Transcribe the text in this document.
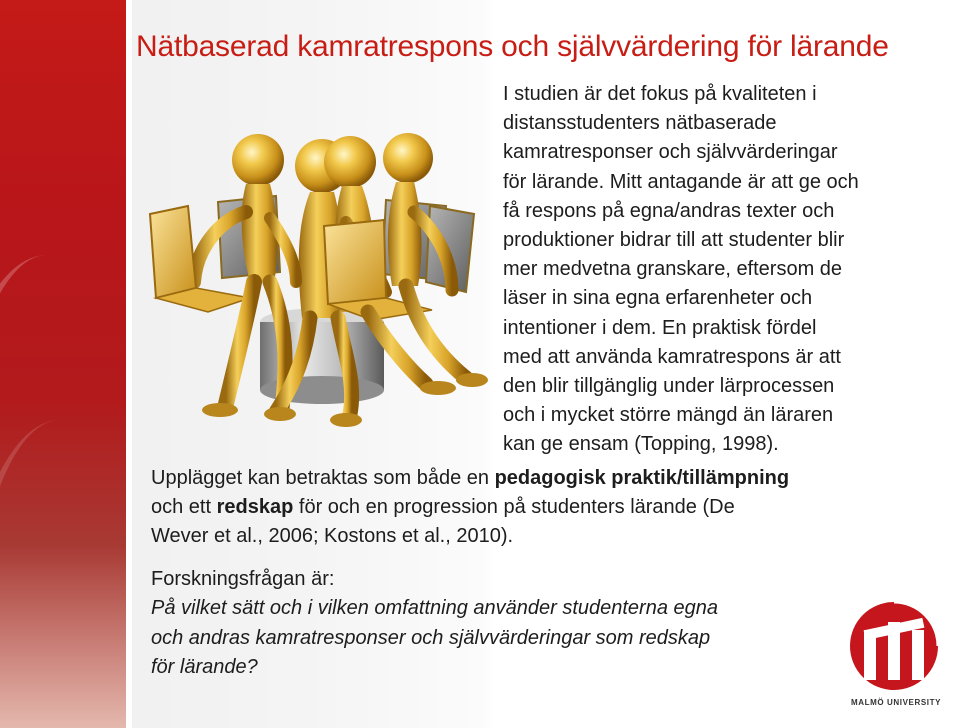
Nätbaserad kamratrespons och självvärdering för lärande

I studien är det fokus på kvaliteten i
distansstudenters nätbaserade
kamratresponser och självvärderingar
för lärande. Mitt antagande är att ge och
få respons på egna/andras texter och
produktioner bidrar till att studenter blir
mer medvetna granskare, eftersom de
läser in sina egna erfarenheter och
intentioner i dem. En praktisk fördel
med att använda kamratrespons är att
den blir tillgänglig under lärprocessen
och i mycket större mängd än läraren
kan ge ensam (Topping, 1998).

Upplägget kan betraktas som både en pedagogisk praktik/tillämpning
och ett redskap för och en progression på studenters lärande (De
Wever et al., 2006; Kostons et al., 2010).

Forskningsfrågan är:

På vilket sätt och i vilken omfattning använder studenterna egna
och andras kamratresponser och självvärderingar som redskap
för lärande?

MALMÖ UNIVERSITY
